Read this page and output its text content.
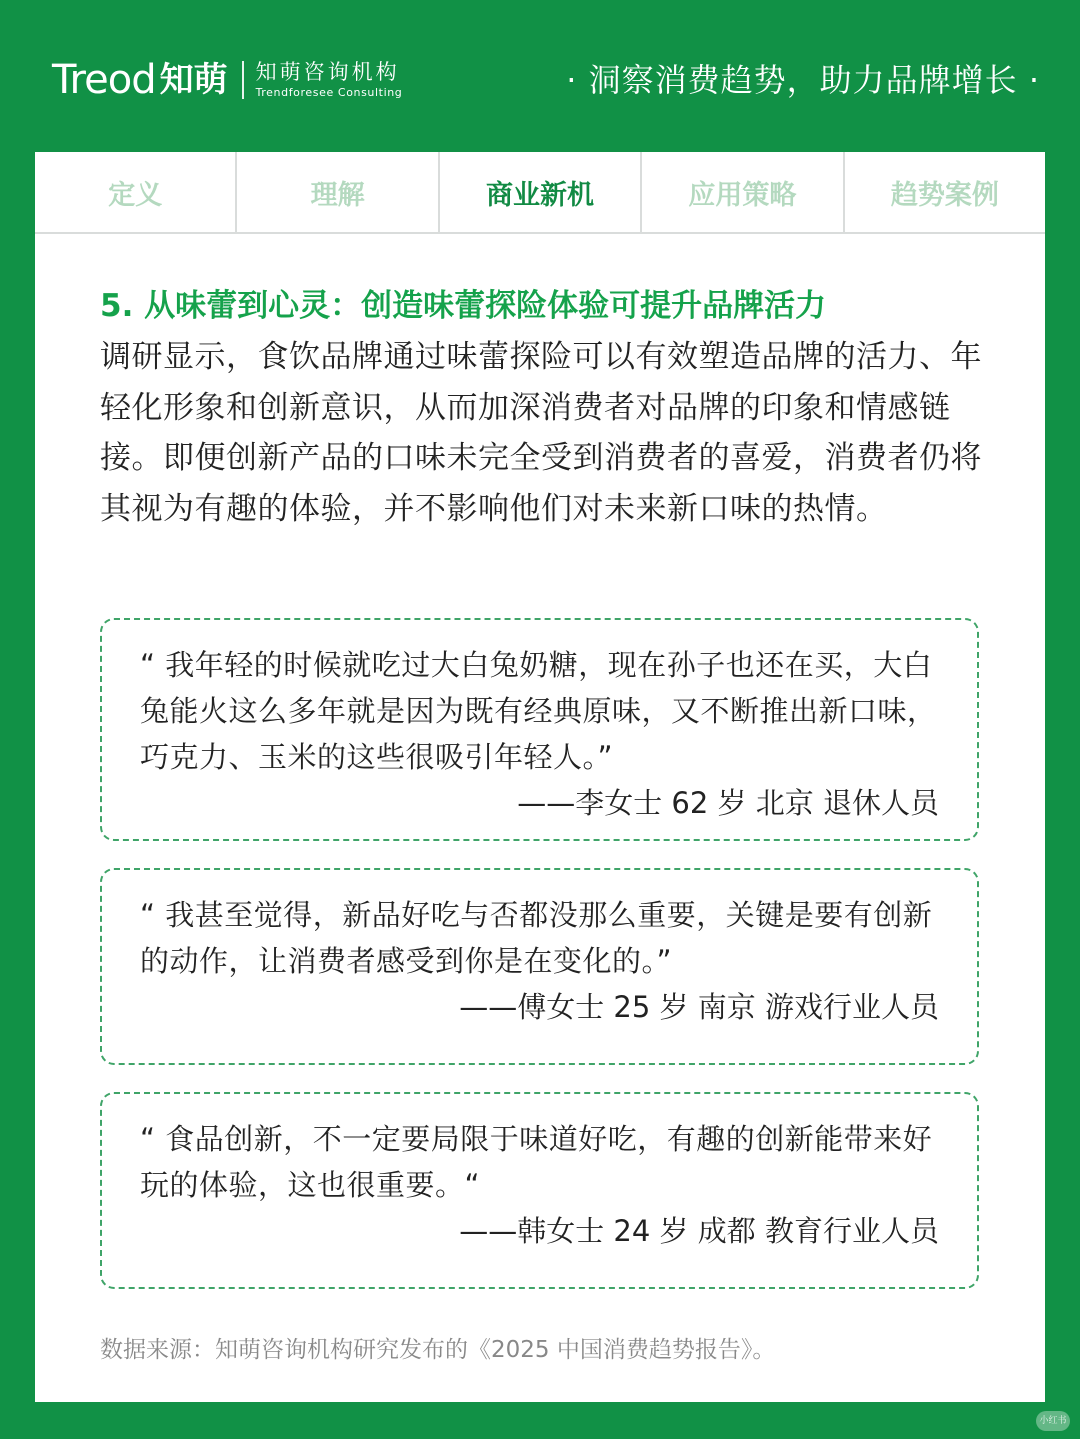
Treod 知萌 知萌咨询机构
Trendforesee Consulting	· 洞察消费趋势，助力品牌增长 ·
定义	理解	商业新机	应用策略	趋势案例
5. 从味蕾到心灵：创造味蕾探险体验可提升品牌活力
调研显示，食饮品牌通过味蕾探险可以有效塑造品牌的活力、年轻化形象和创新意识，从而加深消费者对品牌的印象和情感链接。即便创新产品的口味未完全受到消费者的喜爱，消费者仍将其视为有趣的体验，并不影响他们对未来新口味的热情。
“ 我年轻的时候就吃过大白兔奶糖，现在孙子也还在买，大白兔能火这么多年就是因为既有经典原味，又不断推出新口味，巧克力、玉米的这些很吸引年轻人。”
——李女士 62 岁 北京 退休人员
“ 我甚至觉得，新品好吃与否都没那么重要，关键是要有创新的动作，让消费者感受到你是在变化的。”
——傅女士 25 岁 南京 游戏行业人员
“ 食品创新，不一定要局限于味道好吃，有趣的创新能带来好玩的体验，这也很重要。“
——韩女士 24 岁 成都 教育行业人员
数据来源：知萌咨询机构研究发布的《2025 中国消费趋势报告》。
小红书
